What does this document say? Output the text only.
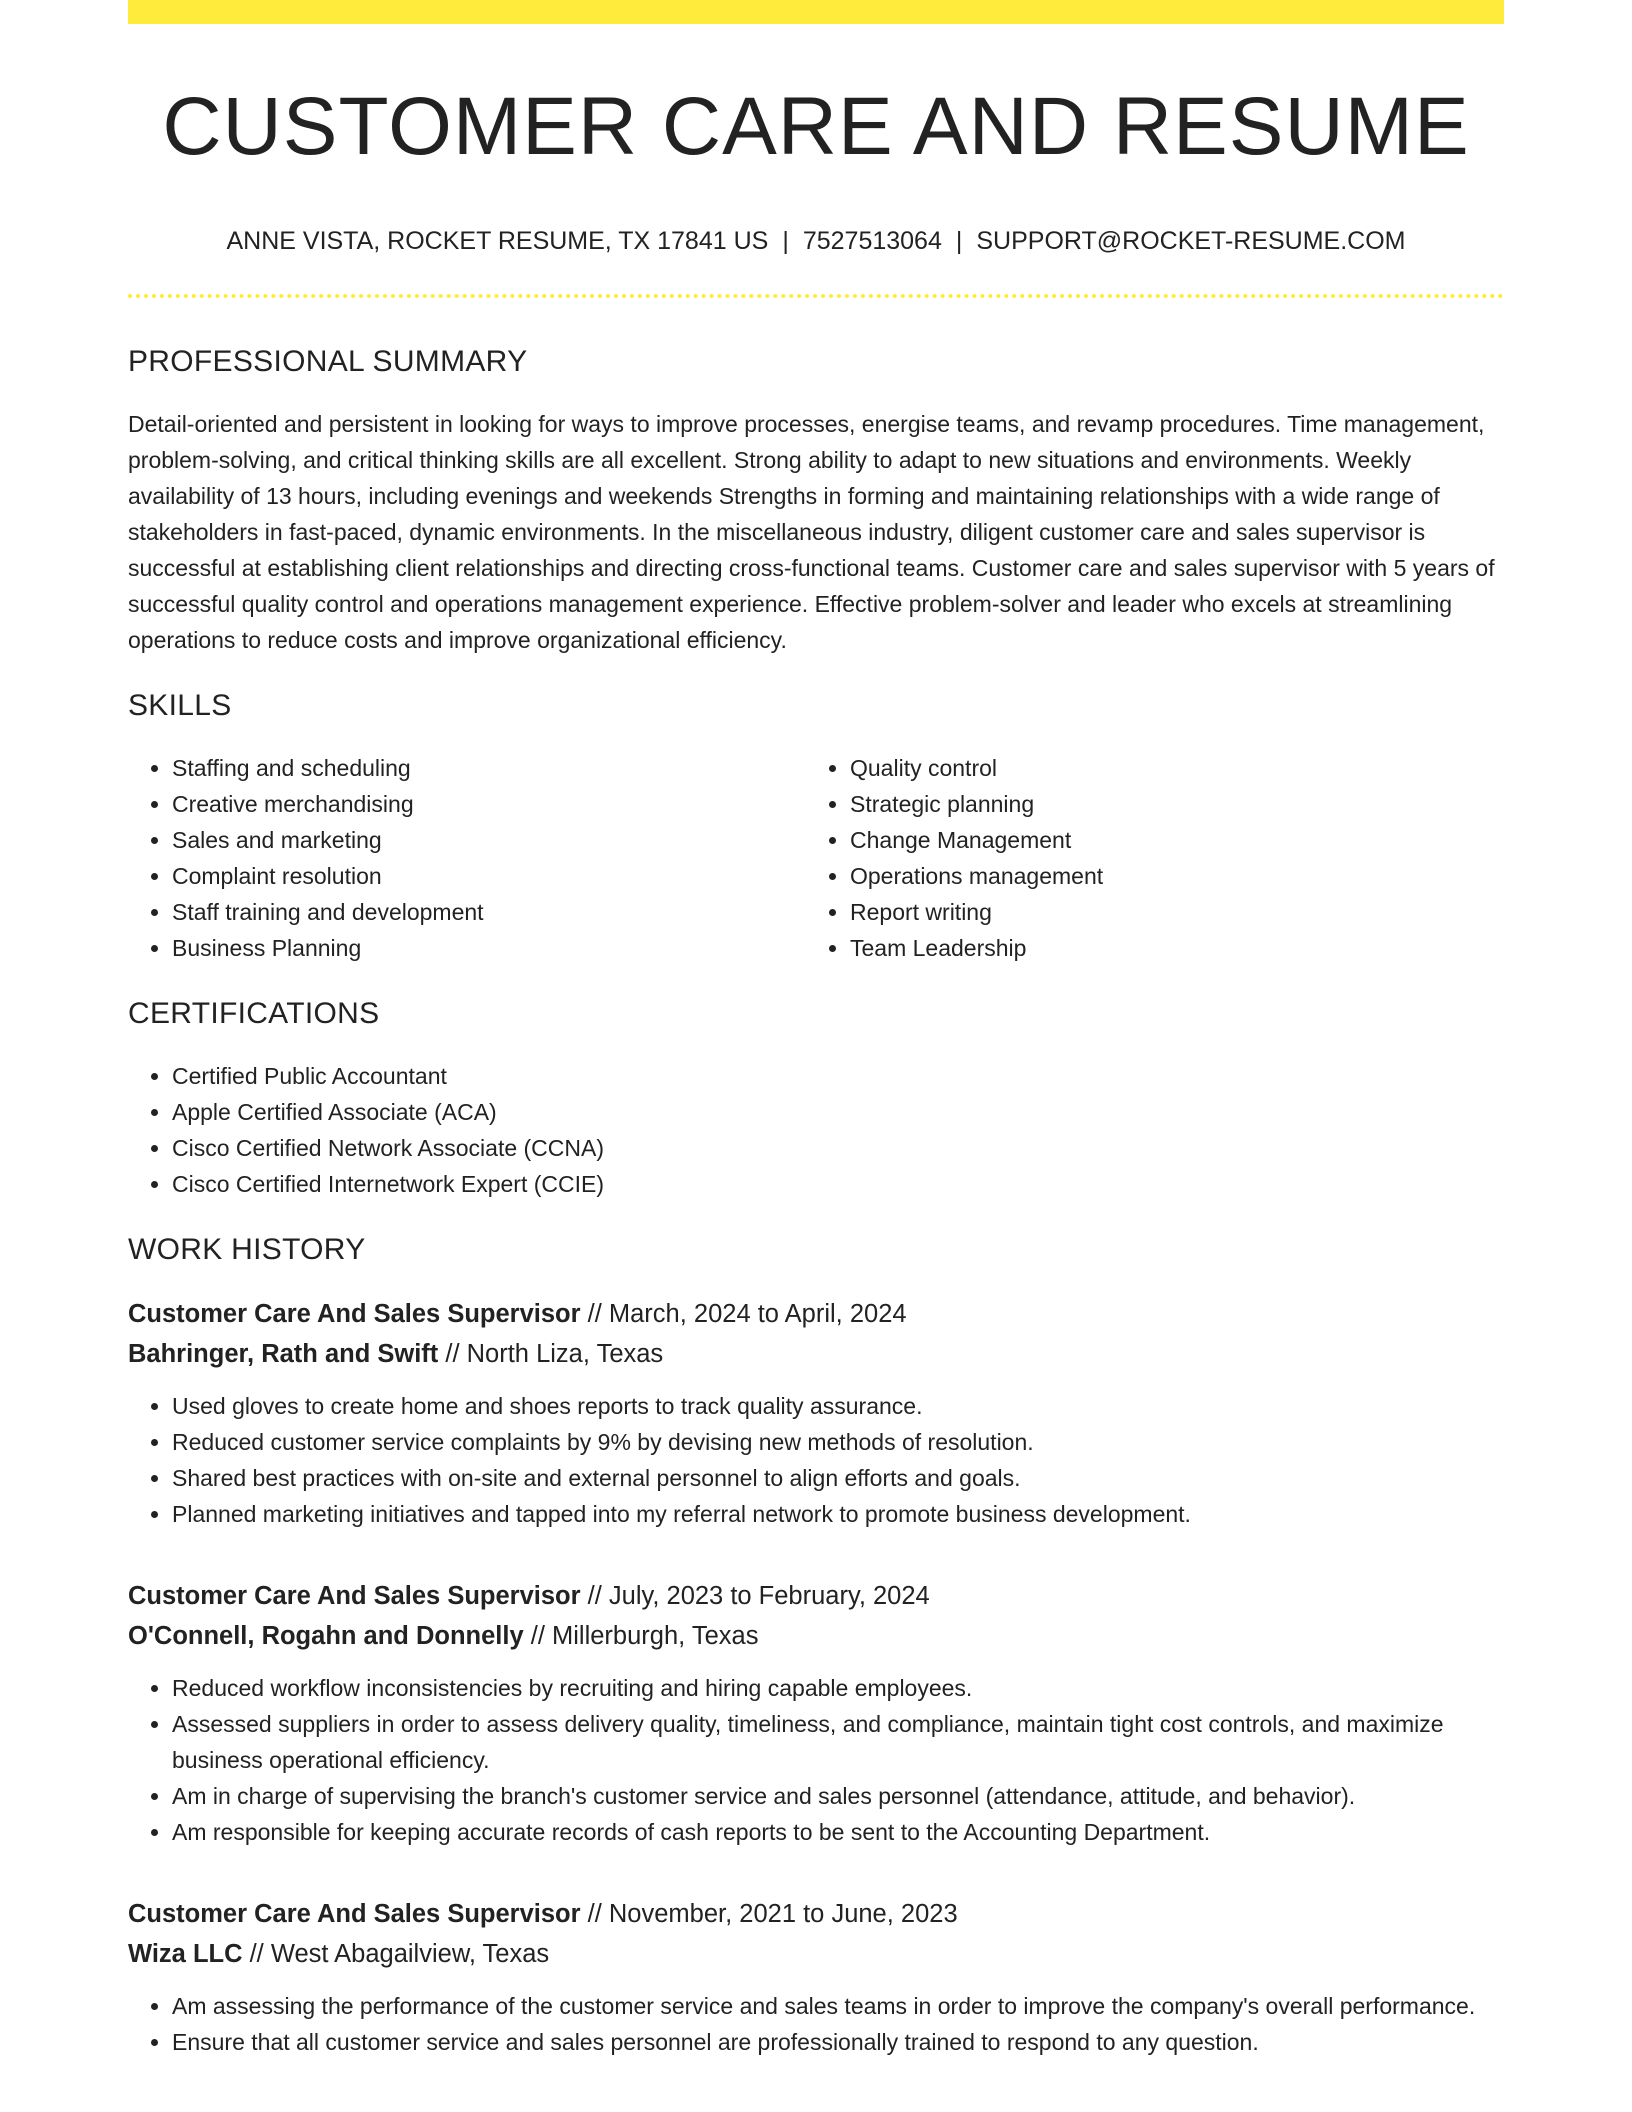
CUSTOMER CARE AND RESUME
ANNE VISTA, ROCKET RESUME, TX 17841 US | 7527513064 | SUPPORT@ROCKET-RESUME.COM
PROFESSIONAL SUMMARY

Detail-oriented and persistent in looking for ways to improve processes, energise teams, and revamp procedures. Time management, problem-solving, and critical thinking skills are all excellent. Strong ability to adapt to new situations and environments. Weekly availability of 13 hours, including evenings and weekends Strengths in forming and maintaining relationships with a wide range of stakeholders in fast-paced, dynamic environments. In the miscellaneous industry, diligent customer care and sales supervisor is successful at establishing client relationships and directing cross-functional teams. Customer care and sales supervisor with 5 years of successful quality control and operations management experience. Effective problem-solver and leader who excels at streamlining operations to reduce costs and improve organizational efficiency.

SKILLS
• Staffing and scheduling
• Creative merchandising
• Sales and marketing
• Complaint resolution
• Staff training and development
• Business Planning
• Quality control
• Strategic planning
• Change Management
• Operations management
• Report writing
• Team Leadership
CERTIFICATIONS
• Certified Public Accountant
• Apple Certified Associate (ACA)
• Cisco Certified Network Associate (CCNA)
• Cisco Certified Internetwork Expert (CCIE)
WORK HISTORY
Customer Care And Sales Supervisor // March, 2024 to April, 2024
Bahringer, Rath and Swift // North Liza, Texas
• Used gloves to create home and shoes reports to track quality assurance.
• Reduced customer service complaints by 9% by devising new methods of resolution.
• Shared best practices with on-site and external personnel to align efforts and goals.
• Planned marketing initiatives and tapped into my referral network to promote business development.
Customer Care And Sales Supervisor // July, 2023 to February, 2024
O'Connell, Rogahn and Donnelly // Millerburgh, Texas
• Reduced workflow inconsistencies by recruiting and hiring capable employees.
• Assessed suppliers in order to assess delivery quality, timeliness, and compliance, maintain tight cost controls, and maximize business operational efficiency.
• Am in charge of supervising the branch's customer service and sales personnel (attendance, attitude, and behavior).
• Am responsible for keeping accurate records of cash reports to be sent to the Accounting Department.
Customer Care And Sales Supervisor // November, 2021 to June, 2023
Wiza LLC // West Abagailview, Texas
• Am assessing the performance of the customer service and sales teams in order to improve the company's overall performance.
• Ensure that all customer service and sales personnel are professionally trained to respond to any question.
